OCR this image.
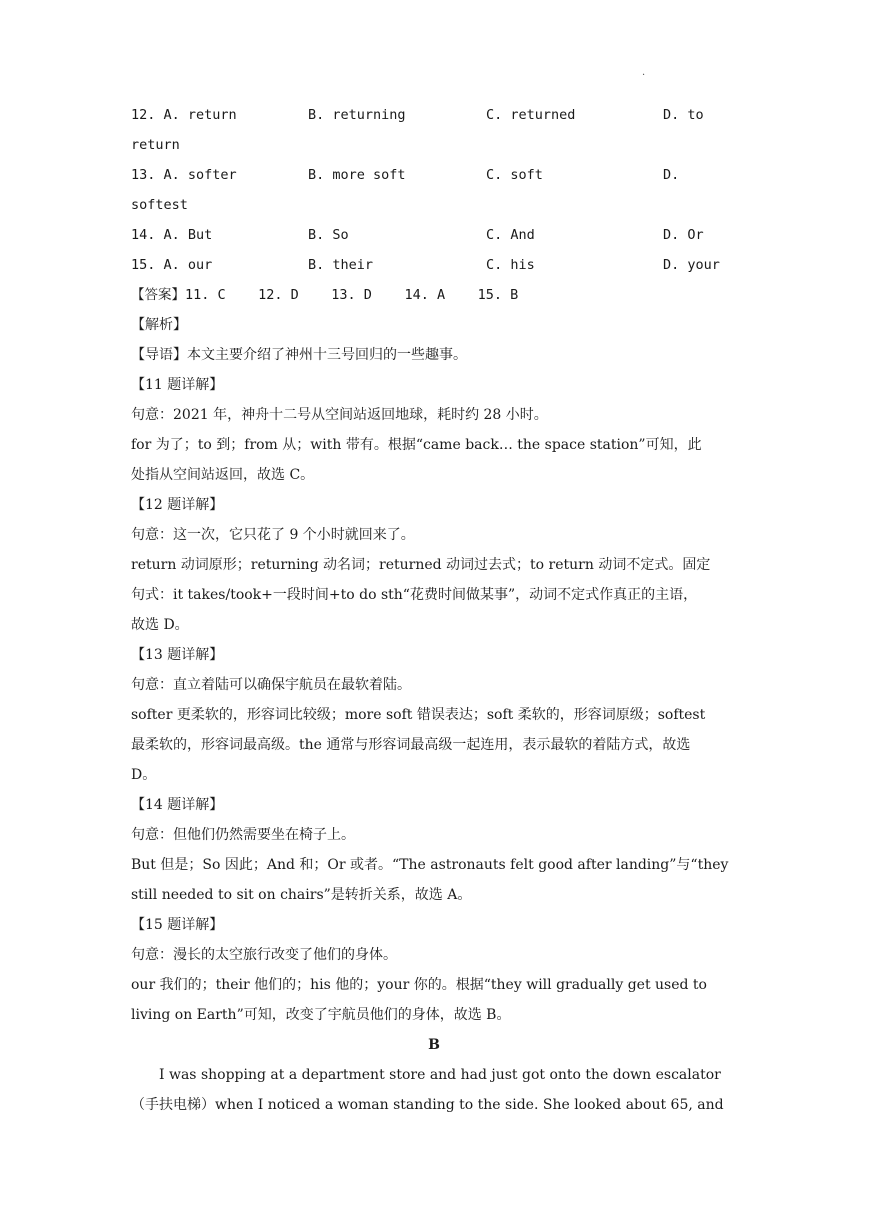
·
12. A. return	B. returning	C. returned	D. to
return
13. A. softer	B. more soft	C. soft	D.
softest
14. A. But	B. So	C. And	D. Or
15. A. our	B. their	C. his	D. your
【答案】11. C    12. D    13. D    14. A    15. B
【解析】
【导语】本文主要介绍了神州十三号回归的一些趣事。
【11 题详解】
句意：2021 年，神舟十二号从空间站返回地球，耗时约 28 小时。
for 为了；to 到；from 从；with 带有。根据“came back… the space station”可知，此
处指从空间站返回，故选 C。
【12 题详解】
句意：这一次，它只花了 9 个小时就回来了。
return 动词原形；returning 动名词；returned 动词过去式；to return 动词不定式。固定
句式：it takes/took+一段时间+to do sth“花费时间做某事”，动词不定式作真正的主语，
故选 D。
【13 题详解】
句意：直立着陆可以确保宇航员在最软着陆。
softer 更柔软的，形容词比较级；more soft 错误表达；soft 柔软的，形容词原级；softest
最柔软的，形容词最高级。the 通常与形容词最高级一起连用，表示最软的着陆方式，故选
D。
【14 题详解】
句意：但他们仍然需要坐在椅子上。
But 但是；So 因此；And 和；Or 或者。“The astronauts felt good after landing”与“they
still needed to sit on chairs”是转折关系，故选 A。
【15 题详解】
句意：漫长的太空旅行改变了他们的身体。
our 我们的；their 他们的；his 他的；your 你的。根据“they will gradually get used to
living on Earth”可知，改变了宇航员他们的身体，故选 B。
B
I was shopping at a department store and had just got onto the down escalator
（手扶电梯）when I noticed a woman standing to the side. She looked about 65, and
